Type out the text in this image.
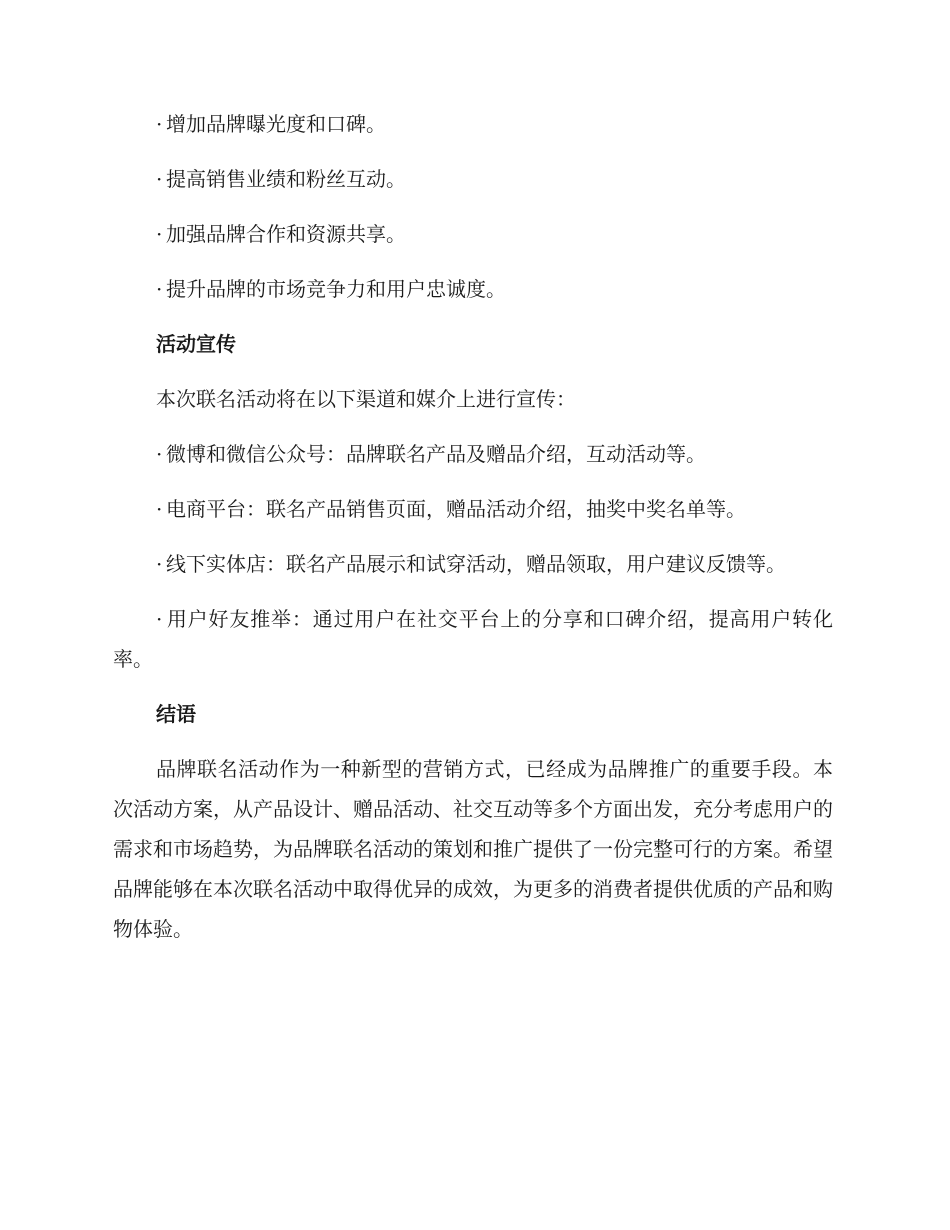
· 增加品牌曝光度和口碑。
· 提高销售业绩和粉丝互动。
· 加强品牌合作和资源共享。
· 提升品牌的市场竞争力和用户忠诚度。
活动宣传
本次联名活动将在以下渠道和媒介上进行宣传：
· 微博和微信公众号：品牌联名产品及赠品介绍，互动活动等。
· 电商平台：联名产品销售页面，赠品活动介绍，抽奖中奖名单等。
· 线下实体店：联名产品展示和试穿活动，赠品领取，用户建议反馈等。
· 用户好友推举：通过用户在社交平台上的分享和口碑介绍，提高用户转化率。
结语
品牌联名活动作为一种新型的营销方式，已经成为品牌推广的重要手段。本次活动方案，从产品设计、赠品活动、社交互动等多个方面出发，充分考虑用户的需求和市场趋势，为品牌联名活动的策划和推广提供了一份完整可行的方案。希望品牌能够在本次联名活动中取得优异的成效，为更多的消费者提供优质的产品和购物体验。
